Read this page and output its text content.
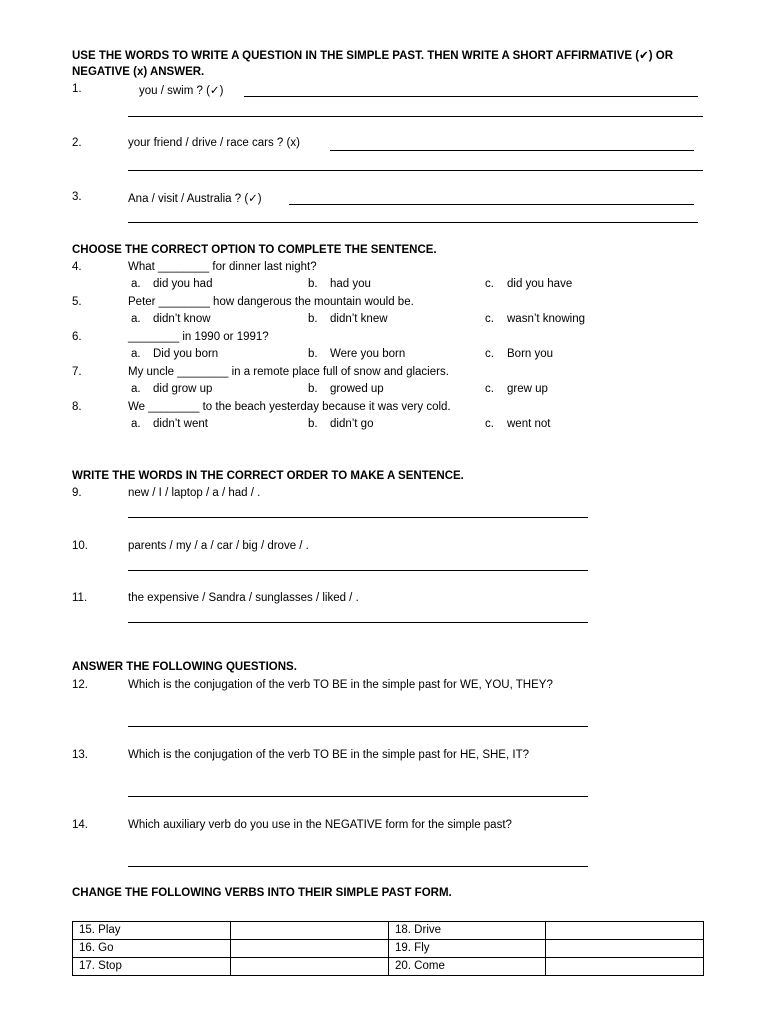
USE THE WORDS TO WRITE A QUESTION IN THE SIMPLE PAST. THEN WRITE A SHORT AFFIRMATIVE (✔) OR
NEGATIVE (x) ANSWER.
1.	you / swim ? (✓)
2.	your friend / drive / race cars ? (x)
3.	Ana / visit / Australia ? (✓)
CHOOSE THE CORRECT OPTION TO COMPLETE THE SENTENCE.
4.	What ________ for dinner last night?
a. did you had	b. had you	c. did you have
5.	Peter ________ how dangerous the mountain would be.
a. didn’t know	b. didn’t knew	c. wasn’t knowing
6.	________ in 1990 or 1991?
a. Did you born	b. Were you born	c. Born you
7.	My uncle ________ in a remote place full of snow and glaciers.
a. did grow up	b. growed up	c. grew up
8.	We ________ to the beach yesterday because it was very cold.
a. didn’t went	b. didn’t go	c. went not
WRITE THE WORDS IN THE CORRECT ORDER TO MAKE A SENTENCE.
9.	new / I / laptop / a / had / .
10.	parents / my / a / car / big / drove / .
11.	the expensive / Sandra / sunglasses / liked / .
ANSWER THE FOLLOWING QUESTIONS.
12.	Which is the conjugation of the verb TO BE in the simple past for WE, YOU, THEY?
13.	Which is the conjugation of the verb TO BE in the simple past for HE, SHE, IT?
14.	Which auxiliary verb do you use in the NEGATIVE form for the simple past?
CHANGE THE FOLLOWING VERBS INTO THEIR SIMPLE PAST FORM.
15. Play		18. Drive	
16. Go		19. Fly	
17. Stop		20. Come	
